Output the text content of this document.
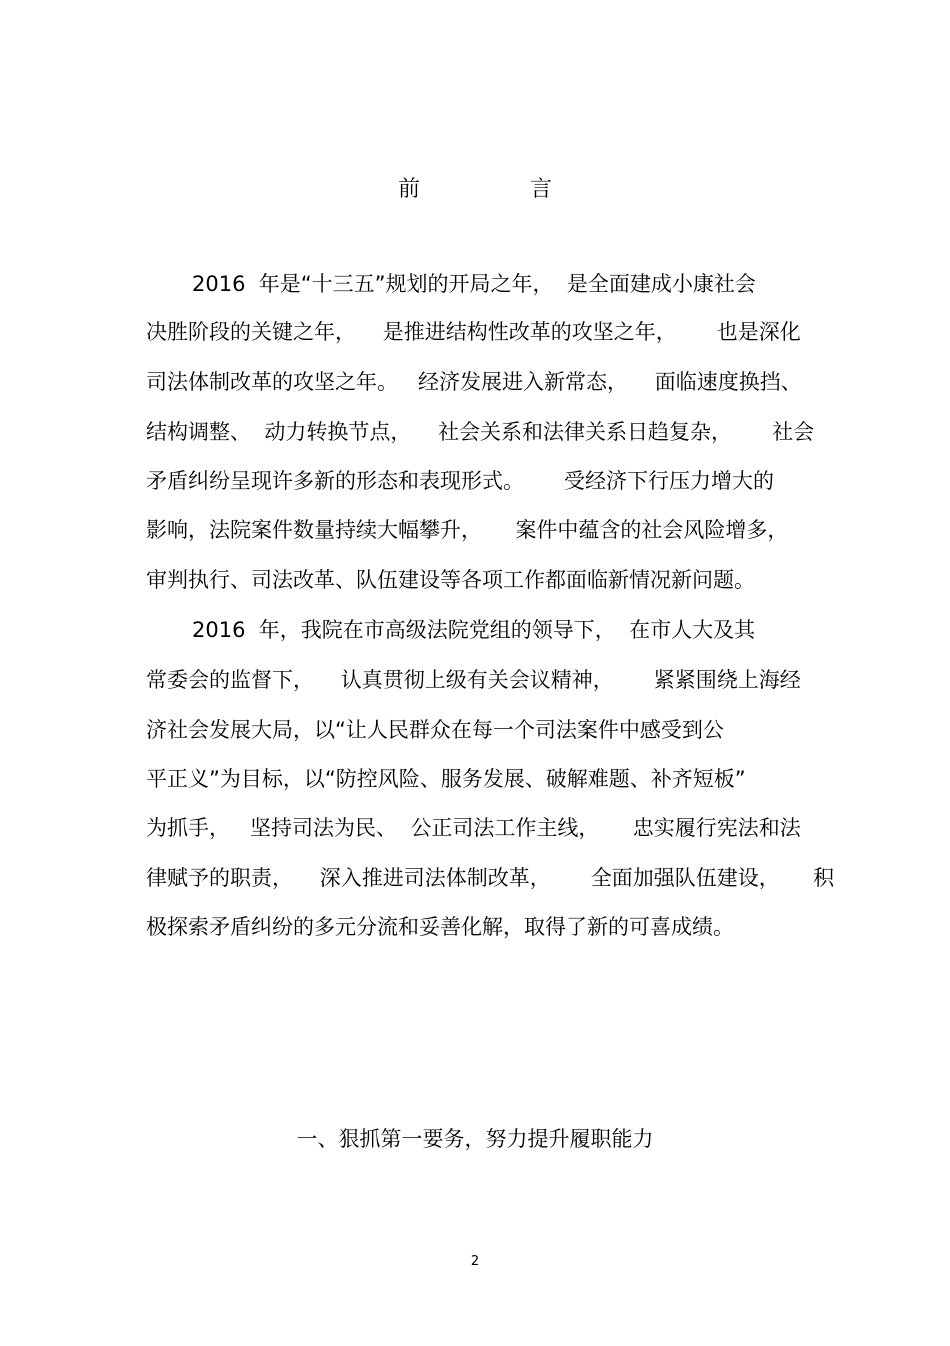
前　言
2016  年是“十三五”规划的开局之年，  是全面建成小康社会
决胜阶段的关键之年，    是推进结构性改革的攻坚之年，      也是深化
司法体制改革的攻坚之年。   经济发展进入新常态，    面临速度换挡、
结构调整、  动力转换节点，    社会关系和法律关系日趋复杂，      社会
矛盾纠纷呈现许多新的形态和表现形式。      受经济下行压力增大的
影响，法院案件数量持续大幅攀升，     案件中蕴含的社会风险增多，
审判执行、司法改革、队伍建设等各项工作都面临新情况新问题。
2016  年，我院在市高级法院党组的领导下，  在市人大及其
常委会的监督下，    认真贯彻上级有关会议精神，      紧紧围绕上海经
济社会发展大局，以“让人民群众在每一个司法案件中感受到公
平正义”为目标，以“防控风险、服务发展、破解难题、补齐短板”
为抓手，   坚持司法为民、  公正司法工作主线，     忠实履行宪法和法
律赋予的职责，    深入推进司法体制改革，      全面加强队伍建设，     积
极探索矛盾纠纷的多元分流和妥善化解，取得了新的可喜成绩。
一、狠抓第一要务，努力提升履职能力
2
